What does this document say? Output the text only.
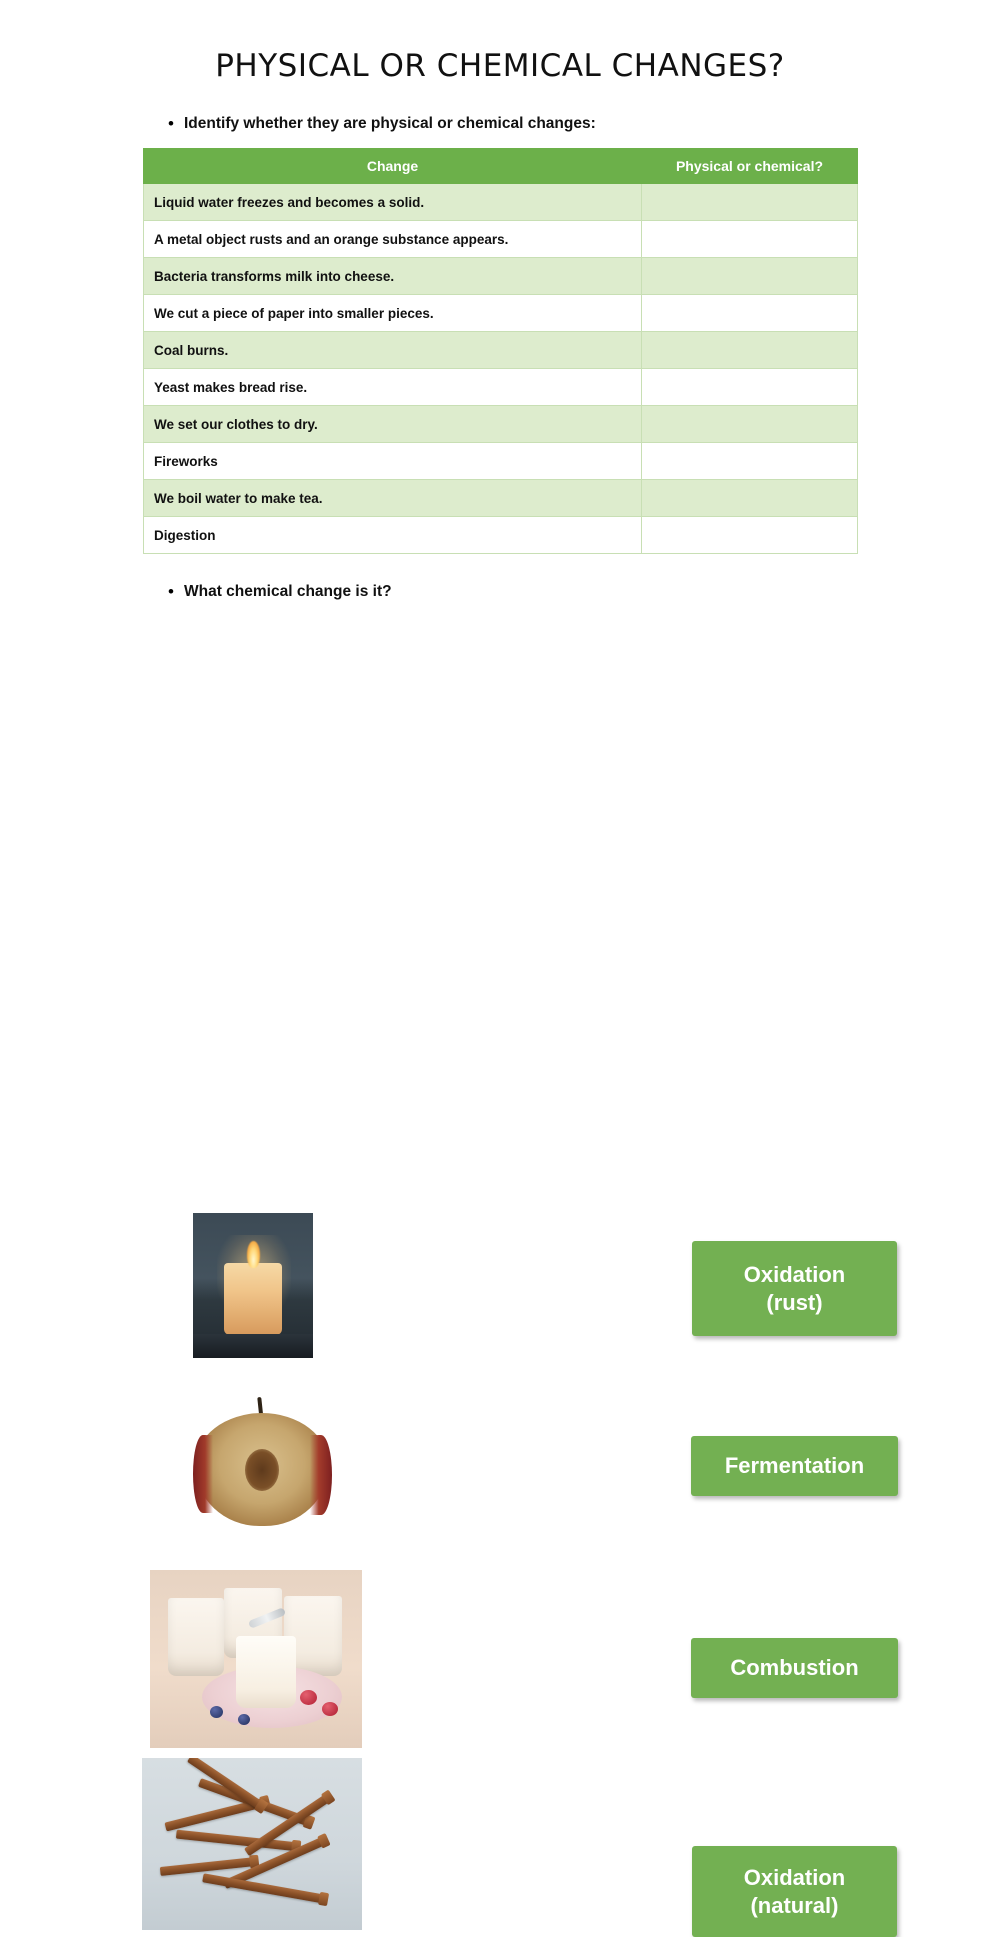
PHYSICAL OR CHEMICAL CHANGES?
• Identify whether they are physical or chemical changes:
Change	Physical or chemical?
Liquid water freezes and becomes a solid.	
A metal object rusts and an orange substance appears.	
Bacteria transforms milk into cheese.	
We cut a piece of paper into smaller pieces.	
Coal burns.	
Yeast makes bread rise.	
We set our clothes to dry.	
Fireworks	
We boil water to make tea.	
Digestion	
• What chemical change is it?
Oxidation
(rust)
Fermentation
Combustion
Oxidation
(natural)
